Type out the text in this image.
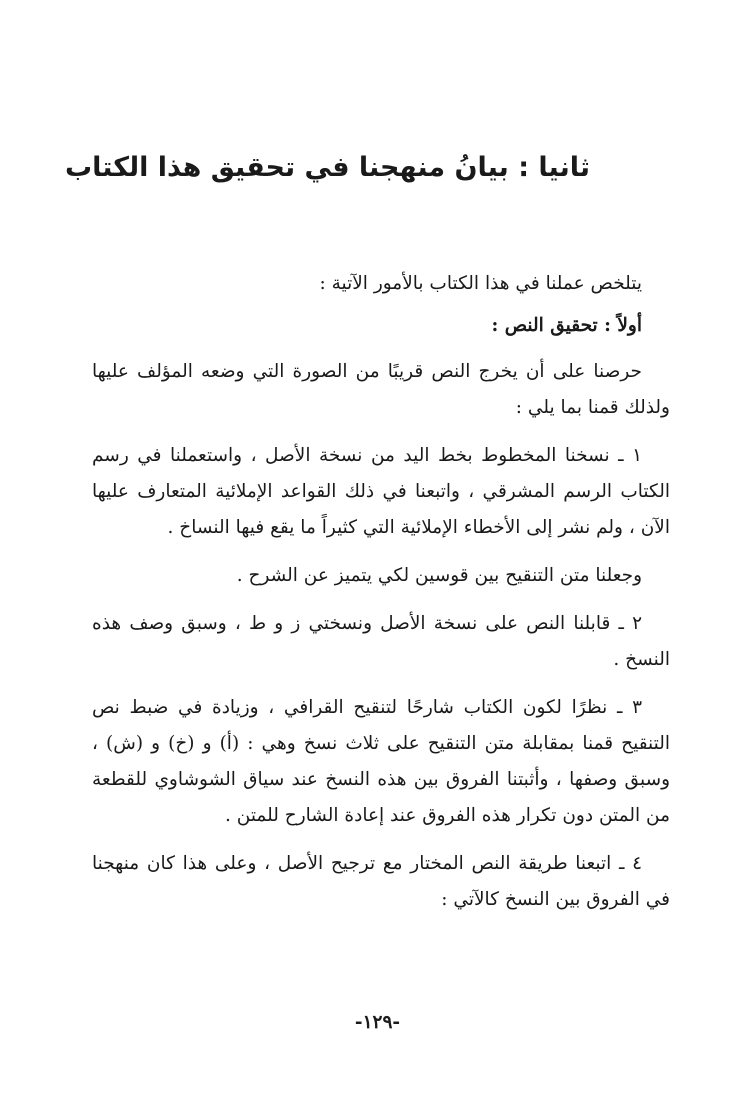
ثانيا : بيانُ منهجنا في تحقيق هذا الكتاب

يتلخص عملنا في هذا الكتاب بالأمور الآتية :

أولاً : تحقيق النص :

حرصنا على أن يخرج النص قريبًا من الصورة التي وضعه المؤلف عليها ولذلك قمنا بما يلي :

١ ـ نسخنا المخطوط بخط اليد من نسخة الأصل ، واستعملنا في رسم الكتاب الرسم المشرقي ، واتبعنا في ذلك القواعد الإملائية المتعارف عليها الآن ، ولم نشر إلى الأخطاء الإملائية التي كثيراً ما يقع فيها النساخ .

وجعلنا متن التنقيح بين قوسين لكي يتميز عن الشرح .

٢ ـ قابلنا النص على نسخة الأصل ونسختي ز و ط ، وسبق وصف هذه النسخ .

٣ ـ نظرًا لكون الكتاب شارحًا لتنقيح القرافي ، وزيادة في ضبط نص التنقيح قمنا بمقابلة متن التنقيح على ثلاث نسخ وهي : (أ) و (خ) و (ش) ، وسبق وصفها ، وأثبتنا الفروق بين هذه النسخ عند سياق الشوشاوي للقطعة من المتن دون تكرار هذه الفروق عند إعادة الشارح للمتن .

٤ ـ اتبعنا طريقة النص المختار مع ترجيح الأصل ، وعلى هذا كان منهجنا في الفروق بين النسخ كالآتي :

-١٢٩-
